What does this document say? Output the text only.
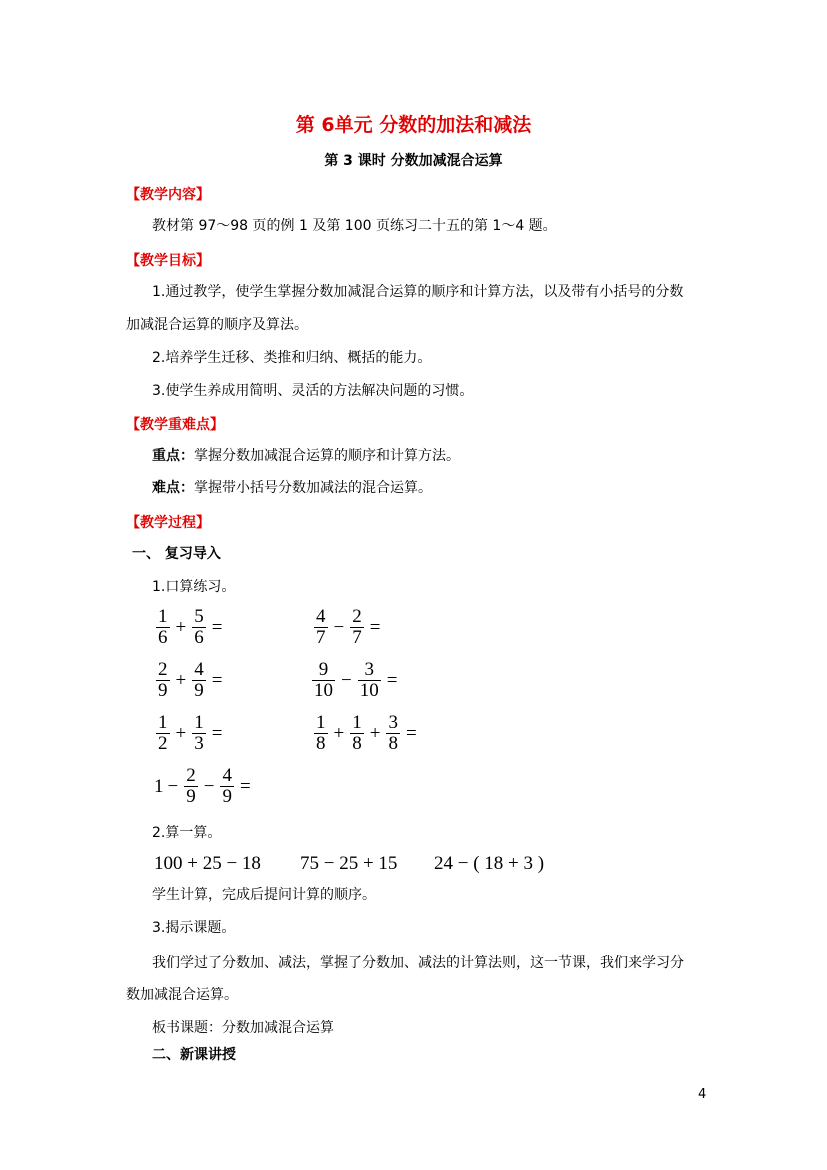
第 6单元 分数的加法和减法
第 3 课时 分数加减混合运算
【教学内容】
教材第 97～98 页的例 1 及第 100 页练习二十五的第 1～4 题。
【教学目标】
1.通过教学，使学生掌握分数加减混合运算的顺序和计算方法，以及带有小括号的分数
加减混合运算的顺序及算法。
2.培养学生迁移、类推和归纳、概括的能力。
3.使学生养成用简明、灵活的方法解决问题的习惯。
【教学重难点】
重点：掌握分数加减混合运算的顺序和计算方法。
难点：掌握带小括号分数加减法的混合运算。
【教学过程】
一、 复习导入
1.口算练习。
$\frac{1}{6} + \frac{5}{6}$ =	$\frac{4}{7} - \frac{2}{7}$ =
$\frac{2}{9} + \frac{4}{9}$ =	$\frac{9}{10} - \frac{3}{10}$ =
$\frac{1}{2} + \frac{1}{3}$ =	$\frac{1}{8} + \frac{1}{8} + \frac{3}{8}$ =
$1 - \frac{2}{9} - \frac{4}{9}$ =
2.算一算。
100 + 25 − 18 75 − 25 + 15 24 − ( 18 + 3 )
学生计算，完成后提问计算的顺序。
3.揭示课题。
我们学过了分数加、减法，掌握了分数加、减法的计算法则，这一节课，我们来学习分
数加减混合运算。
板书课题：分数加减混合运算
二、新课讲授
4
